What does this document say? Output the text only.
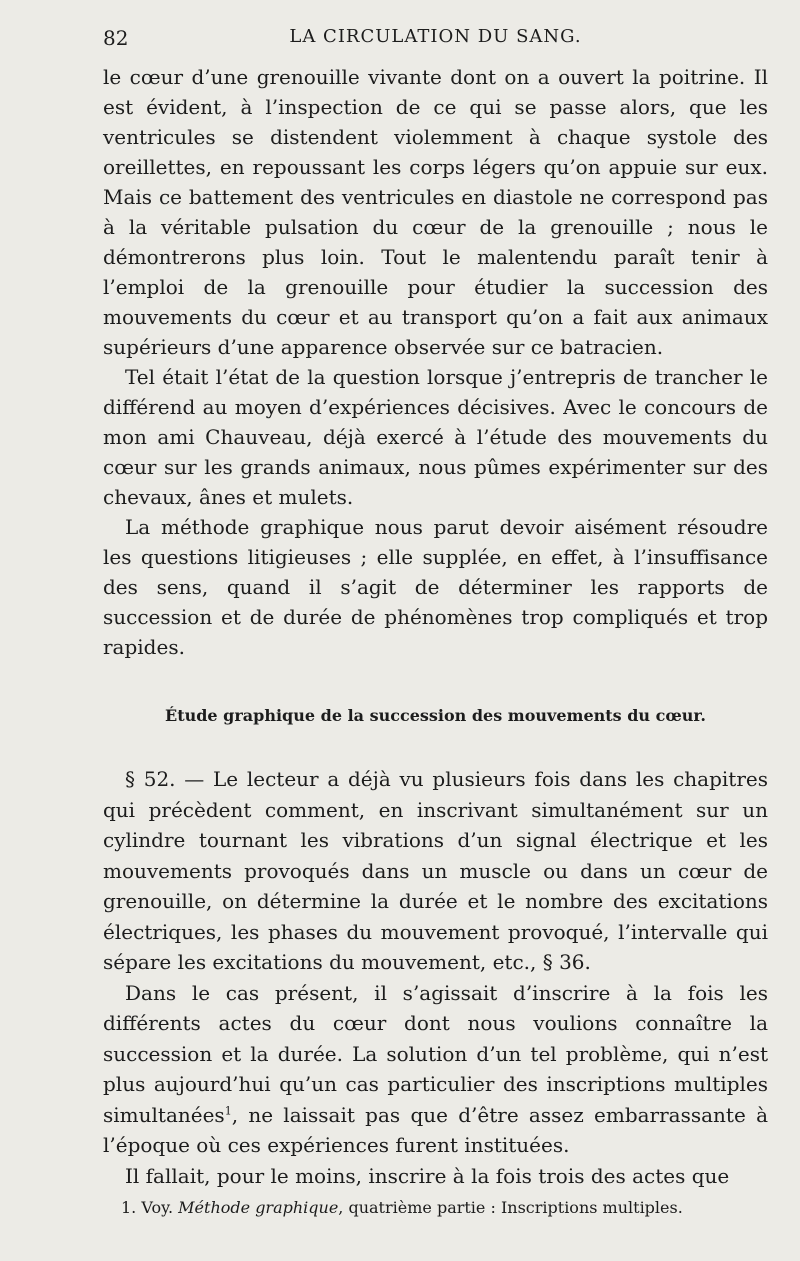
82	LA CIRCULATION DU SANG.

le cœur d’une grenouille vivante dont on a ouvert la poitrine. Il est évident, à l’inspection de ce qui se passe alors, que les ventricules se distendent violemment à chaque systole des oreillettes, en repoussant les corps légers qu’on appuie sur eux. Mais ce battement des ventricules en diastole ne correspond pas à la véritable pulsation du cœur de la grenouille ; nous le démontrerons plus loin. Tout le malentendu paraît tenir à l’emploi de la grenouille pour étudier la succession des mouvements du cœur et au transport qu’on a fait aux animaux supérieurs d’une apparence observée sur ce batracien.

Tel était l’état de la question lorsque j’entrepris de trancher le différend au moyen d’expériences décisives. Avec le concours de mon ami Chauveau, déjà exercé à l’étude des mouvements du cœur sur les grands animaux, nous pûmes expérimenter sur des chevaux, ânes et mulets.

La méthode graphique nous parut devoir aisément résoudre les questions litigieuses ; elle supplée, en effet, à l’insuffisance des sens, quand il s’agit de déterminer les rapports de succession et de durée de phénomènes trop compliqués et trop rapides.

Étude graphique de la succession des mouvements du cœur.

§ 52. — Le lecteur a déjà vu plusieurs fois dans les chapitres qui précèdent comment, en inscrivant simultanément sur un cylindre tournant les vibrations d’un signal électrique et les mouvements provoqués dans un muscle ou dans un cœur de grenouille, on détermine la durée et le nombre des excitations électriques, les phases du mouvement provoqué, l’intervalle qui sépare les excitations du mouvement, etc., § 36.

Dans le cas présent, il s’agissait d’inscrire à la fois les différents actes du cœur dont nous voulions connaître la succession et la durée. La solution d’un tel problème, qui n’est plus aujourd’hui qu’un cas particulier des inscriptions multiples simultanées$^1$, ne laissait pas que d’être assez embarrassante à l’époque où ces expériences furent instituées.

Il fallait, pour le moins, inscrire à la fois trois des actes que

1. Voy. Méthode graphique, quatrième partie : Inscriptions multiples.
